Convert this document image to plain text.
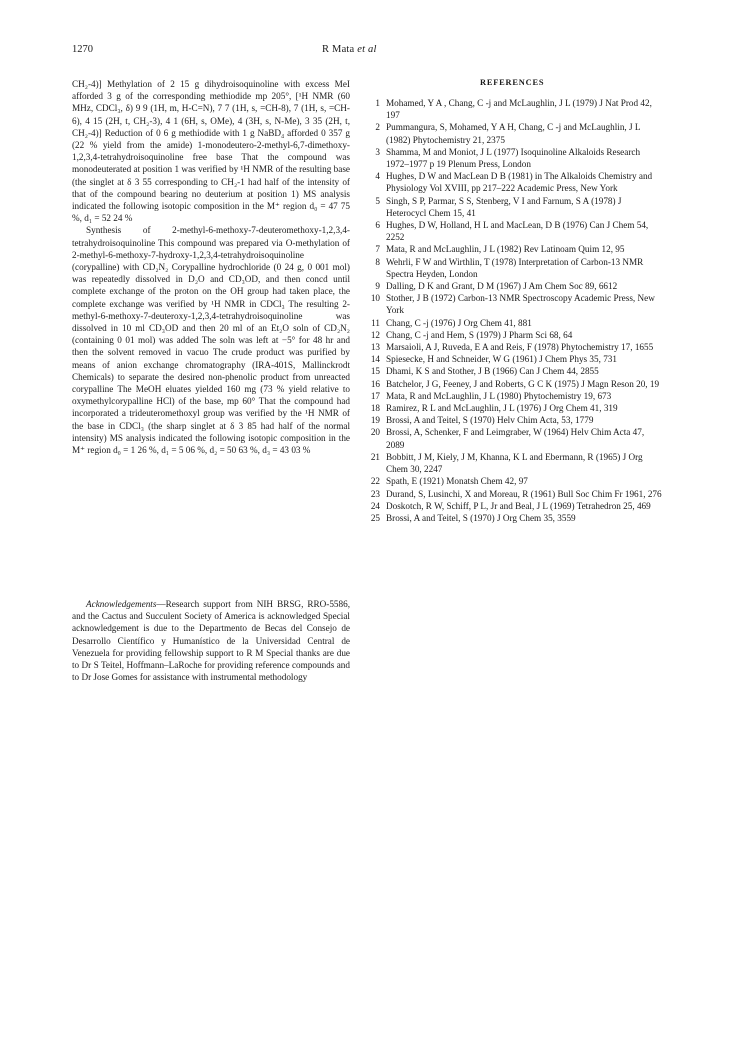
1270	R Mata et al

CH₂-4)] Methylation of 2 15 g dihydroisoquinoline with excess MeI afforded 3 g of the corresponding methiodide mp 205°, [¹H NMR (60 MHz, CDCl₃, δ) 9 9 (1H, m, H-C=N), 7 7 (1H, s, =CH-8), 7 (1H, s, =CH-6), 4 15 (2H, t, CH₂-3), 4 1 (6H, s, OMe), 4 (3H, s, N-Me), 3 35 (2H, t, CH₂-4)] Reduction of 0 6 g methiodide with 1 g NaBD₄ afforded 0 357 g (22 % yield from the amide) 1-monodeutero-2-methyl-6,7-dimethoxy-1,2,3,4-tetrahydroisoquinoline free base That the compound was monodeuterated at position 1 was verified by ¹H NMR of the resulting base (the singlet at δ 3 55 corresponding to CH₂-1 had half of the intensity of that of the compound bearing no deuterium at position 1) MS analysis indicated the following isotopic composition in the M⁺ region d₀ = 47 75 %, d₁ = 52 24 %

Synthesis of 2-methyl-6-methoxy-7-deuteromethoxy-1,2,3,4-tetrahydroisoquinoline This compound was prepared via O-methylation of 2-methyl-6-methoxy-7-hydroxy-1,2,3,4-tetrahydroisoquinoline (corypalline) with CD₂N₂ Corypalline hydrochloride (0 24 g, 0 001 mol) was repeatedly dissolved in D₂O and CD₃OD, and then concd until complete exchange of the proton on the OH group had taken place, the complete exchange was verified by ¹H NMR in CDCl₃ The resulting 2-methyl-6-methoxy-7-deuteroxy-1,2,3,4-tetrahydroisoquinoline was dissolved in 10 ml CD₃OD and then 20 ml of an Et₂O soln of CD₂N₂ (containing 0 01 mol) was added The soln was left at −5° for 48 hr and then the solvent removed in vacuo The crude product was purified by means of anion exchange chromatography (IRA-401S, Mallinckrodt Chemicals) to separate the desired non-phenolic product from unreacted corypalline The MeOH eluates yielded 160 mg (73 % yield relative to oxymethylcorypalline HCl) of the base, mp 60° That the compound had incorporated a trideuteromethoxyl group was verified by the ¹H NMR of the base in CDCl₃ (the sharp singlet at δ 3 85 had half of the normal intensity) MS analysis indicated the following isotopic composition in the M⁺ region d₀ = 1 26 %, d₁ = 5 06 %, d₂ = 50 63 %, d₃ = 43 03 %

Acknowledgements—Research support from NIH BRSG, RRO-5586, and the Cactus and Succulent Society of America is acknowledged Special acknowledgement is due to the Departmento de Becas del Consejo de Desarrollo Científico y Humanístico de la Universidad Central de Venezuela for providing fellowship support to R M Special thanks are due to Dr S Teitel, Hoffmann–LaRoche for providing reference compounds and to Dr Jose Gomes for assistance with instrumental methodology

REFERENCES

1 Mohamed, Y A , Chang, C -j and McLaughlin, J L (1979) J Nat Prod 42, 197

2 Pummangura, S, Mohamed, Y A H, Chang, C -j and McLaughlin, J L (1982) Phytochemistry 21, 2375

3 Shamma, M and Moniot, J L (1977) Isoquinoline Alkaloids Research 1972–1977 p 19 Plenum Press, London

4 Hughes, D W and MacLean D B (1981) in The Alkaloids Chemistry and Physiology Vol XVIII, pp 217–222 Academic Press, New York

5 Singh, S P, Parmar, S S, Stenberg, V I and Farnum, S A (1978) J Heterocycl Chem 15, 41

6 Hughes, D W, Holland, H L and MacLean, D B (1976) Can J Chem 54, 2252

7 Mata, R and McLaughlin, J L (1982) Rev Latinoam Quim 12, 95

8 Wehrli, F W and Wirthlin, T (1978) Interpretation of Carbon-13 NMR Spectra Heyden, London

9 Dalling, D K and Grant, D M (1967) J Am Chem Soc 89, 6612

10 Stother, J B (1972) Carbon-13 NMR Spectroscopy Academic Press, New York

11 Chang, C -j (1976) J Org Chem 41, 881

12 Chang, C -j and Hem, S (1979) J Pharm Sci 68, 64

13 Marsaioli, A J, Ruveda, E A and Reis, F (1978) Phytochemistry 17, 1655

14 Spiesecke, H and Schneider, W G (1961) J Chem Phys 35, 731

15 Dhami, K S and Stother, J B (1966) Can J Chem 44, 2855

16 Batchelor, J G, Feeney, J and Roberts, G C K (1975) J Magn Reson 20, 19

17 Mata, R and McLaughlin, J L (1980) Phytochemistry 19, 673

18 Ramirez, R L and McLaughlin, J L (1976) J Org Chem 41, 319

19 Brossi, A and Teitel, S (1970) Helv Chim Acta, 53, 1779

20 Brossi, A, Schenker, F and Leimgraber, W (1964) Helv Chim Acta 47, 2089

21 Bobbitt, J M, Kiely, J M, Khanna, K L and Ebermann, R (1965) J Org Chem 30, 2247

22 Spath, E (1921) Monatsh Chem 42, 97

23 Durand, S, Lusinchi, X and Moreau, R (1961) Bull Soc Chim Fr 1961, 276

24 Doskotch, R W, Schiff, P L, Jr and Beal, J L (1969) Tetrahedron 25, 469

25 Brossi, A and Teitel, S (1970) J Org Chem 35, 3559
